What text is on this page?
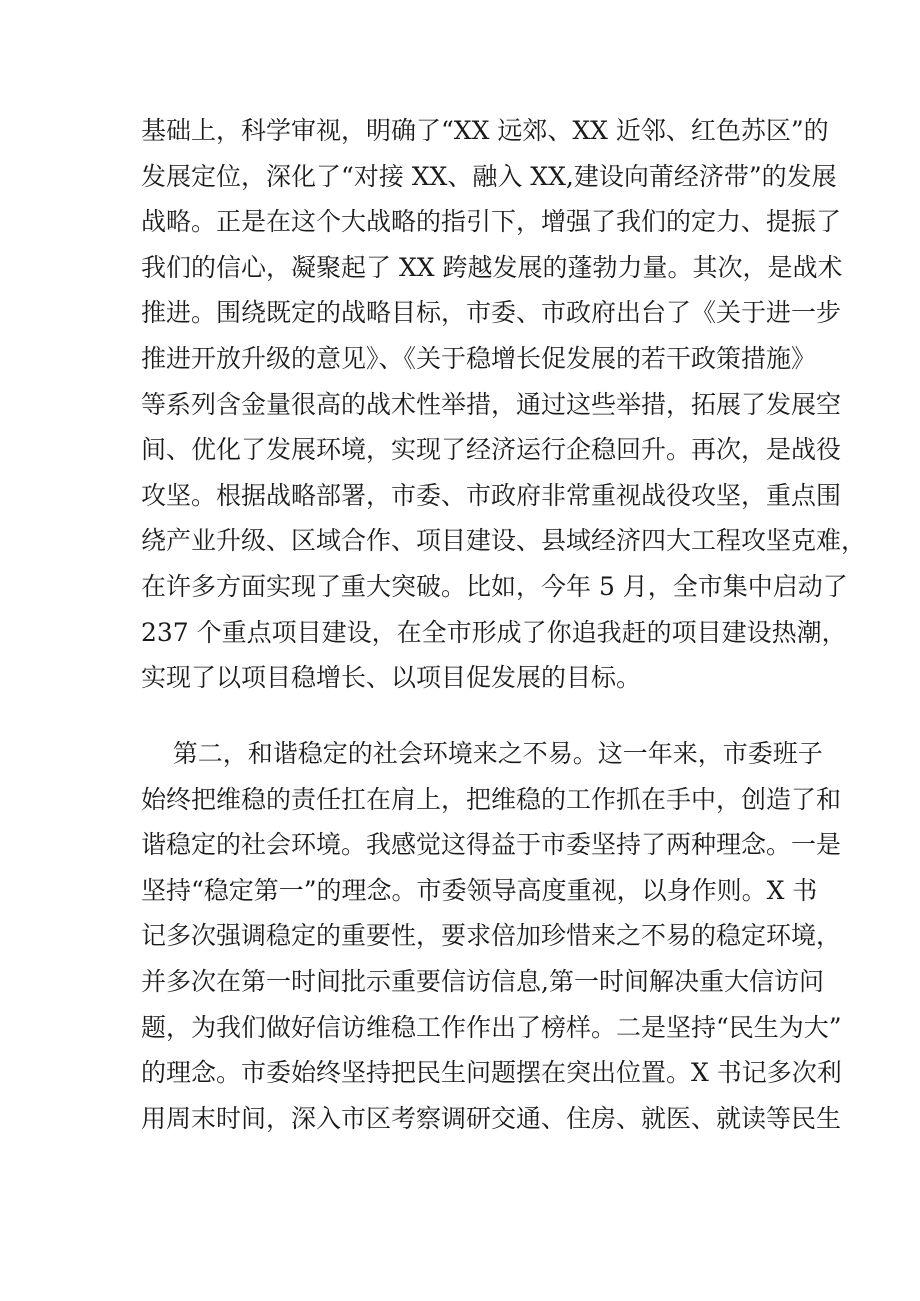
基础上，科学审视，明确了“XX 远郊、XX 近邻、红色苏区”的
发展定位，深化了“对接 XX、融入 XX,建设向莆经济带”的发展
战略。正是在这个大战略的指引下，增强了我们的定力、提振了
我们的信心，凝聚起了 XX 跨越发展的蓬勃力量。其次，是战术
推进。围绕既定的战略目标，市委、市政府出台了《关于进一步
推进开放升级的意见》、《关于稳增长促发展的若干政策措施》
等系列含金量很高的战术性举措，通过这些举措，拓展了发展空
间、优化了发展环境，实现了经济运行企稳回升。再次，是战役
攻坚。根据战略部署，市委、市政府非常重视战役攻坚，重点围
绕产业升级、区域合作、项目建设、县域经济四大工程攻坚克难，
在许多方面实现了重大突破。比如，今年 5 月，全市集中启动了
237 个重点项目建设，在全市形成了你追我赶的项目建设热潮，
实现了以项目稳增长、以项目促发展的目标。
第二，和谐稳定的社会环境来之不易。这一年来，市委班子
始终把维稳的责任扛在肩上，把维稳的工作抓在手中，创造了和
谐稳定的社会环境。我感觉这得益于市委坚持了两种理念。一是
坚持“稳定第一”的理念。市委领导高度重视，以身作则。X 书
记多次强调稳定的重要性，要求倍加珍惜来之不易的稳定环境，
并多次在第一时间批示重要信访信息,第一时间解决重大信访问
题，为我们做好信访维稳工作作出了榜样。二是坚持“民生为大”
的理念。市委始终坚持把民生问题摆在突出位置。X 书记多次利
用周末时间，深入市区考察调研交通、住房、就医、就读等民生
